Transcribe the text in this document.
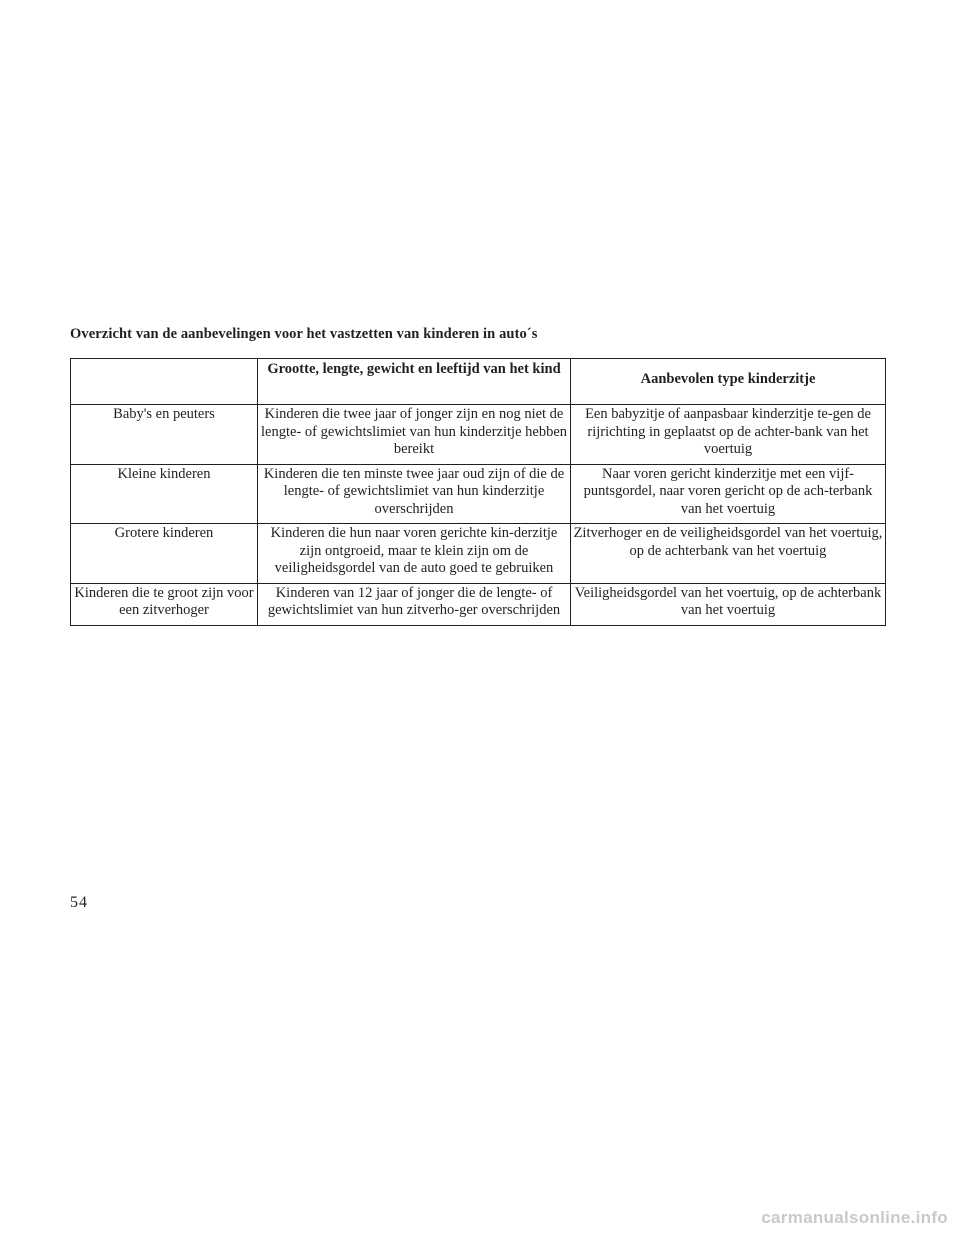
Overzicht van de aanbevelingen voor het vastzetten van kinderen in auto´s
	Grootte, lengte, gewicht en leeftijd van het kind	Aanbevolen type kinderzitje
Baby's en peuters	Kinderen die twee jaar of jonger zijn en nog niet de lengte- of gewichtslimiet van hun kinderzitje hebben bereikt	Een babyzitje of aanpasbaar kinderzitje te-gen de rijrichting in geplaatst op de achter-bank van het voertuig
Kleine kinderen	Kinderen die ten minste twee jaar oud zijn of die de lengte- of gewichtslimiet van hun kinderzitje overschrijden	Naar voren gericht kinderzitje met een vijf-puntsgordel, naar voren gericht op de ach-terbank van het voertuig
Grotere kinderen	Kinderen die hun naar voren gerichte kin-derzitje zijn ontgroeid, maar te klein zijn om de veiligheidsgordel van de auto goed te gebruiken	Zitverhoger en de veiligheidsgordel van het voertuig, op de achterbank van het voertuig
Kinderen die te groot zijn voor een zitverhoger	Kinderen van 12 jaar of jonger die de lengte- of gewichtslimiet van hun zitverho-ger overschrijden	Veiligheidsgordel van het voertuig, op de achterbank van het voertuig
54
carmanualsonline.info
